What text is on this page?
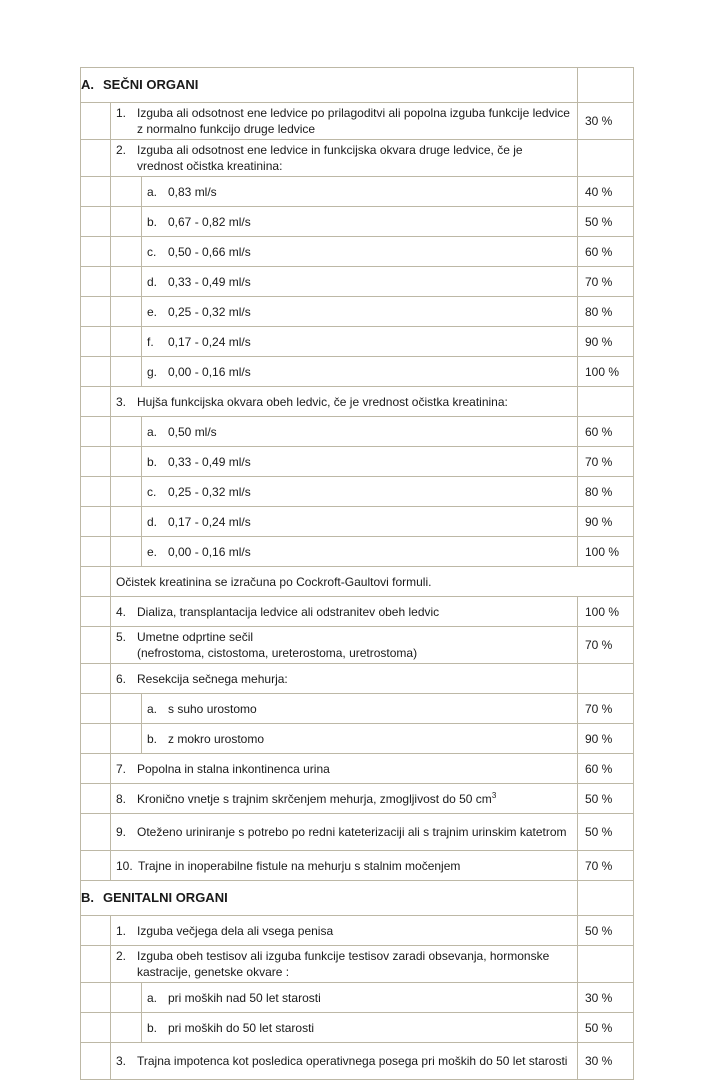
A. SEČNI ORGANI			

	1. Izguba ali odsotnost ene ledvice po prilagoditvi ali popolna izguba funkcije ledvice z normalno funkcijo druge ledvice		30 %

	2. Izguba ali odsotnost ene ledvice in funkcijska okvara druge ledvice, če je vrednost očistka kreatinina:		

		a. 0,83 ml/s	40 %

		b. 0,67 - 0,82 ml/s	50 %

		c. 0,50 - 0,66 ml/s	60 %

		d. 0,33 - 0,49 ml/s	70 %

		e. 0,25 - 0,32 ml/s	80 %

		f. 0,17 - 0,24 ml/s	90 %

		g. 0,00 - 0,16 ml/s	100 %

	3. Hujša funkcijska okvara obeh ledvic, če je vrednost očistka kreatinina:		

		a. 0,50 ml/s	60 %

		b. 0,33 - 0,49 ml/s	70 %

		c. 0,25 - 0,32 ml/s	80 %

		d. 0,17 - 0,24 ml/s	90 %

		e. 0,00 - 0,16 ml/s	100 %
	Očistek kreatinina se izračuna po Cockroft-Gaultovi formuli.		

	4. Dializa, transplantacija ledvice ali odstranitev obeh ledvic		100 %

	5. Umetne odprtine sečil
(nefrostoma, cistostoma, ureterostoma, uretrostoma)		70 %

	6. Resekcija sečnega mehurja:		

		a. s suho urostomo	70 %

		b. z mokro urostomo	90 %

	7. Popolna in stalna inkontinenca urina		60 %

	8. Kronično vnetje s trajnim skrčenjem mehurja, zmogljivost do 50 $cm^3$		50 %

	9. Oteženo uriniranje s potrebo po redni kateterizaciji ali s trajnim urinskim katetrom		50 %

	10. Trajne in inoperabilne fistule na mehurju s stalnim močenjem		70 %
B. GENITALNI ORGANI			

	1. Izguba večjega dela ali vsega penisa		50 %

	2. Izguba obeh testisov ali izguba funkcije testisov zaradi obsevanja, hormonske kastracije, genetske okvare :		

		a. pri moških nad 50 let starosti	30 %

		b. pri moških do 50 let starosti	50 %

	3. Trajna impotenca kot posledica operativnega posega pri moških do 50 let starosti		30 %
